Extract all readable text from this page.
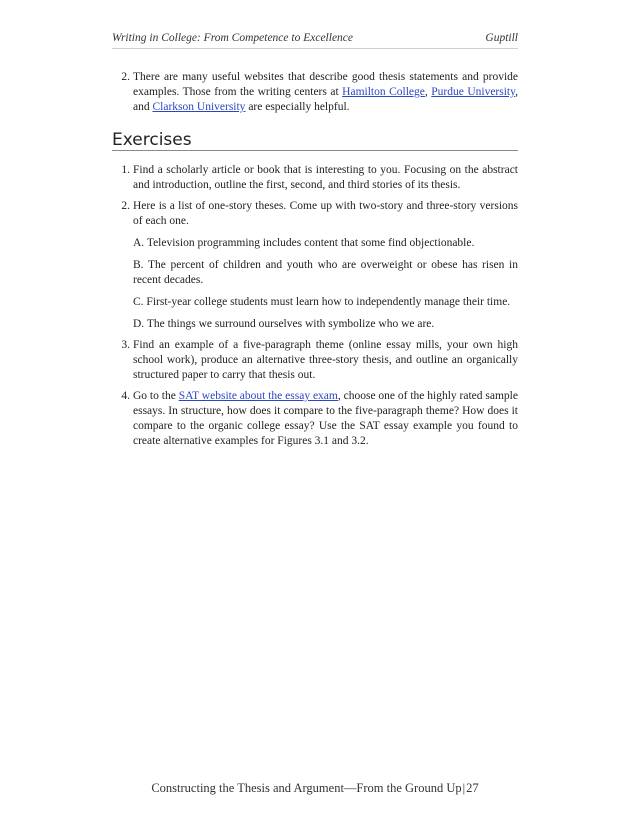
Writing in College: From Competence to Excellence	Guptill
2. There are many useful websites that describe good thesis statements and provide examples. Those from the writing centers at Hamilton College, Purdue University, and Clarkson University are especially helpful.
Exercises
1. Find a scholarly article or book that is interesting to you. Focusing on the abstract and introduction, outline the first, second, and third stories of its thesis.
2. Here is a list of one-story theses. Come up with two-story and three-story versions of each one.

A. Television programming includes content that some find objectionable.

B. The percent of children and youth who are overweight or obese has risen in recent decades.

C. First-year college students must learn how to independently manage their time.

D. The things we surround ourselves with symbolize who we are.

3. Find an example of a five-paragraph theme (online essay mills, your own high school work), produce an alternative three-story thesis, and outline an organically structured paper to carry that thesis out.
4. Go to the SAT website about the essay exam, choose one of the highly rated sample essays. In structure, how does it compare to the five-paragraph theme? How does it compare to the organic college essay? Use the SAT essay example you found to create alternative examples for Figures 3.1 and 3.2.
Constructing the Thesis and Argument—From the Ground Up|27
